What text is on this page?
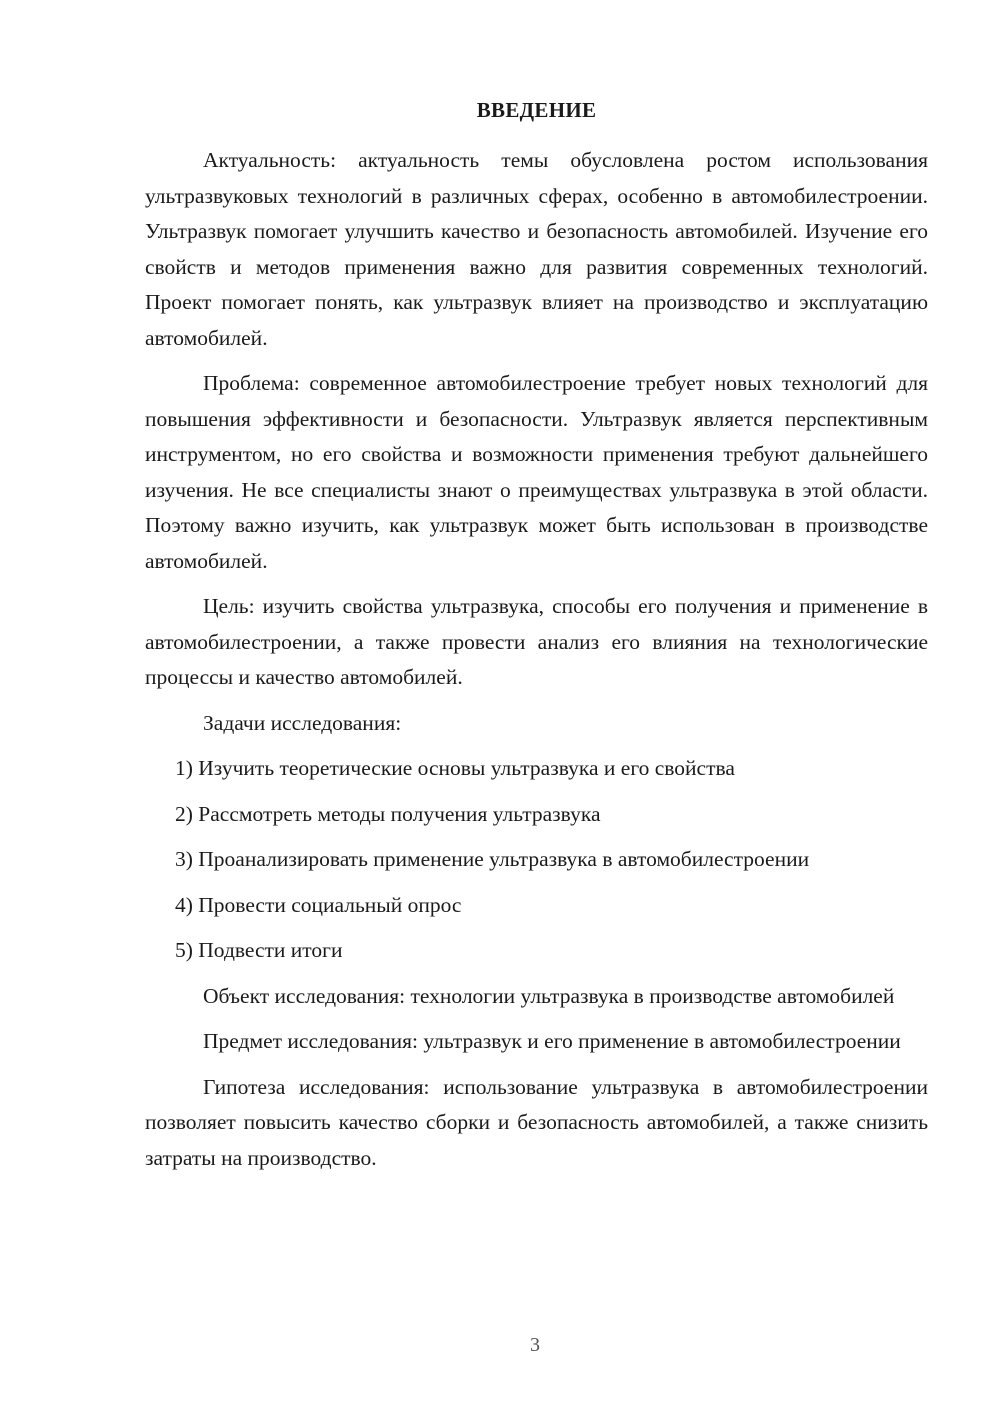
ВВЕДЕНИЕ

Актуальность: актуальность темы обусловлена ростом использования ультразвуковых технологий в различных сферах, особенно в автомобилестроении. Ультразвук помогает улучшить качество и безопасность автомобилей. Изучение его свойств и методов применения важно для развития современных технологий. Проект помогает понять, как ультразвук влияет на производство и эксплуатацию автомобилей.

Проблема: современное автомобилестроение требует новых технологий для повышения эффективности и безопасности. Ультразвук является перспективным инструментом, но его свойства и возможности применения требуют дальнейшего изучения. Не все специалисты знают о преимуществах ультразвука в этой области. Поэтому важно изучить, как ультразвук может быть использован в производстве автомобилей.

Цель: изучить свойства ультразвука, способы его получения и применение в автомобилестроении, а также провести анализ его влияния на технологические процессы и качество автомобилей.

Задачи исследования:

1) Изучить теоретические основы ультразвука и его свойства
2) Рассмотреть методы получения ультразвука
3) Проанализировать применение ультразвука в автомобилестроении
4) Провести социальный опрос
5) Подвести итоги

Объект исследования: технологии ультразвука в производстве автомобилей

Предмет исследования: ультразвук и его применение в автомобилестроении

Гипотеза исследования: использование ультразвука в автомобилестроении позволяет повысить качество сборки и безопасность автомобилей, а также снизить затраты на производство.

3
